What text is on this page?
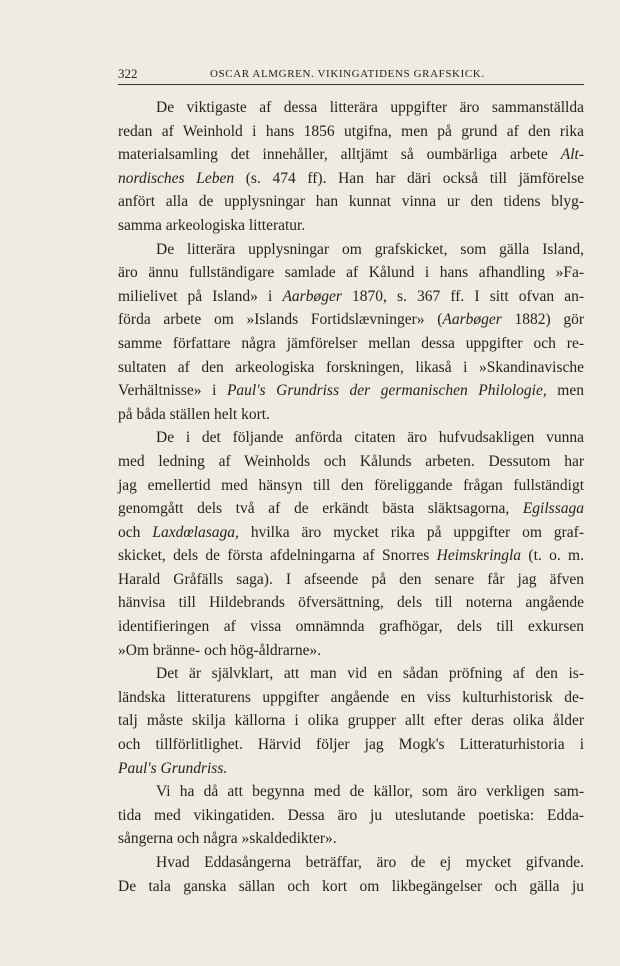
322	OSCAR ALMGREN. VIKINGATIDENS GRAFSKICK.
De viktigaste af dessa litterära uppgifter äro sammanställda
redan af Weinhold i hans 1856 utgifna, men på grund af den rika
materialsamling det innehåller, alltjämt så oumbärliga arbete Alt-
nordisches Leben (s. 474 ff). Han har däri också till jämförelse
anfört alla de upplysningar han kunnat vinna ur den tidens blyg-
samma arkeologiska litteratur.
De litterära upplysningar om grafskicket, som gälla Island,
äro ännu fullständigare samlade af Kålund i hans afhandling »Fa-
milielivet på Island» i Aarbøger 1870, s. 367 ff. I sitt ofvan an-
förda arbete om »Islands Fortidslævninger» (Aarbøger 1882) gör
samme författare några jämförelser mellan dessa uppgifter och re-
sultaten af den arkeologiska forskningen, likaså i »Skandinavische
Verhältnisse» i Paul's Grundriss der germanischen Philologie, men
på båda ställen helt kort.
De i det följande anförda citaten äro hufvudsakligen vunna
med ledning af Weinholds och Kålunds arbeten. Dessutom har
jag emellertid med hänsyn till den föreliggande frågan fullständigt
genomgått dels två af de erkändt bästa släktsagorna, Egilssaga
och Laxdœlasaga, hvilka äro mycket rika på uppgifter om graf-
skicket, dels de första afdelningarna af Snorres Heimskringla (t. o. m.
Harald Gråfälls saga). I afseende på den senare får jag äfven
hänvisa till Hildebrands öfversättning, dels till noterna angående
identifieringen af vissa omnämnda grafhögar, dels till exkursen
»Om bränne- och hög-åldrarne».
Det är självklart, att man vid en sådan pröfning af den is-
ländska litteraturens uppgifter angående en viss kulturhistorisk de-
talj måste skilja källorna i olika grupper allt efter deras olika ålder
och tillförlitlighet. Härvid följer jag Mogk's Litteraturhistoria i
Paul's Grundriss.
Vi ha då att begynna med de källor, som äro verkligen sam-
tida med vikingatiden. Dessa äro ju uteslutande poetiska: Edda-
sångerna och några »skaldedikter».
Hvad Eddasångerna beträffar, äro de ej mycket gifvande.
De tala ganska sällan och kort om likbegängelser och gälla ju
